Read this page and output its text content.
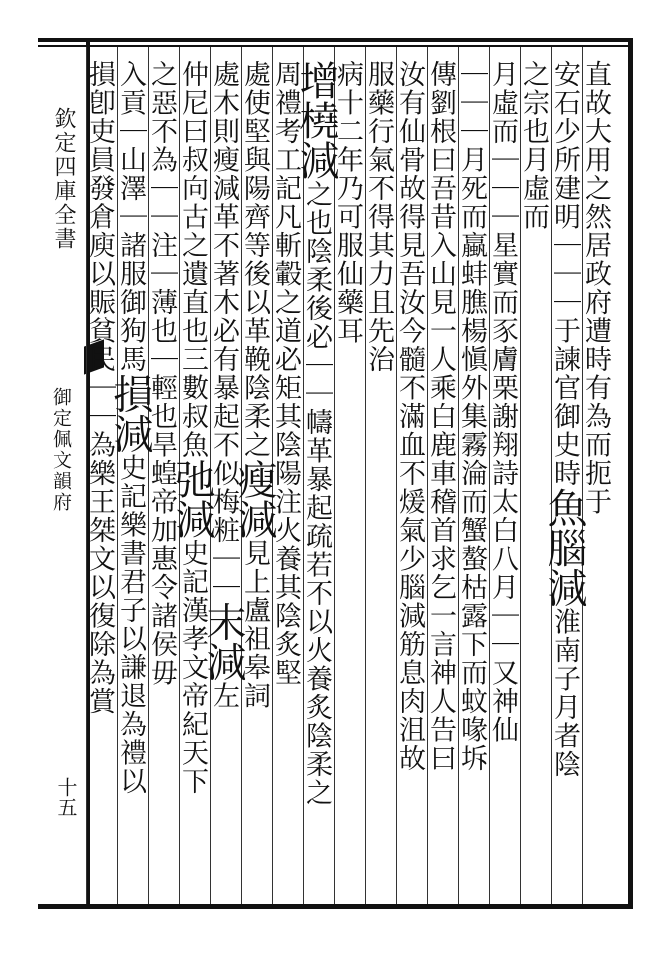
欽定四庫全書
御定佩文韻府
十五
直故大用之然居政府遭時有為而扼于
安石少所建明｜｜｜于諫官御史時魚腦減淮南子月者陰
之宗也月虛而
月虛而｜｜｜星實而豕膚栗謝翔詩太白八月｜｜又神仙
｜｜｜月死而蠃蚌膲楊愼外集霧淪而蟹螯枯露下而蚊喙坼
傳劉根曰吾昔入山見一人乘白鹿車稽首求乞一言神人告曰
汝有仙骨故得見吾汝今髓不滿血不煖氣少腦減筋息肉沮故
服藥行氣不得其力且先治
病十二年乃可服仙藥耳
增橈減之也陰柔後必｜｜幬革暴起疏若不以火養炙陰柔之
周禮考工記凡斬轂之道必矩其陰陽注火養其陰炙堅
處使堅與陽齊等後以革鞔陰柔之瘦減見上盧祖皋詞
處木則瘦減革不著木必有暴起不似梅粧｜｜末減左
仲尼曰叔向古之遺直也三數叔魚弛減史記漢孝文帝紀天下
之惡不為｜｜注｜薄也｜輕也旱蝗帝加惠令諸侯毋
入貢｜山澤｜諸服御狗馬損減史記樂書君子以謙退為禮以
損卽吏員發倉庾以賑貧民｜｜為樂王桀文以復除為賞
